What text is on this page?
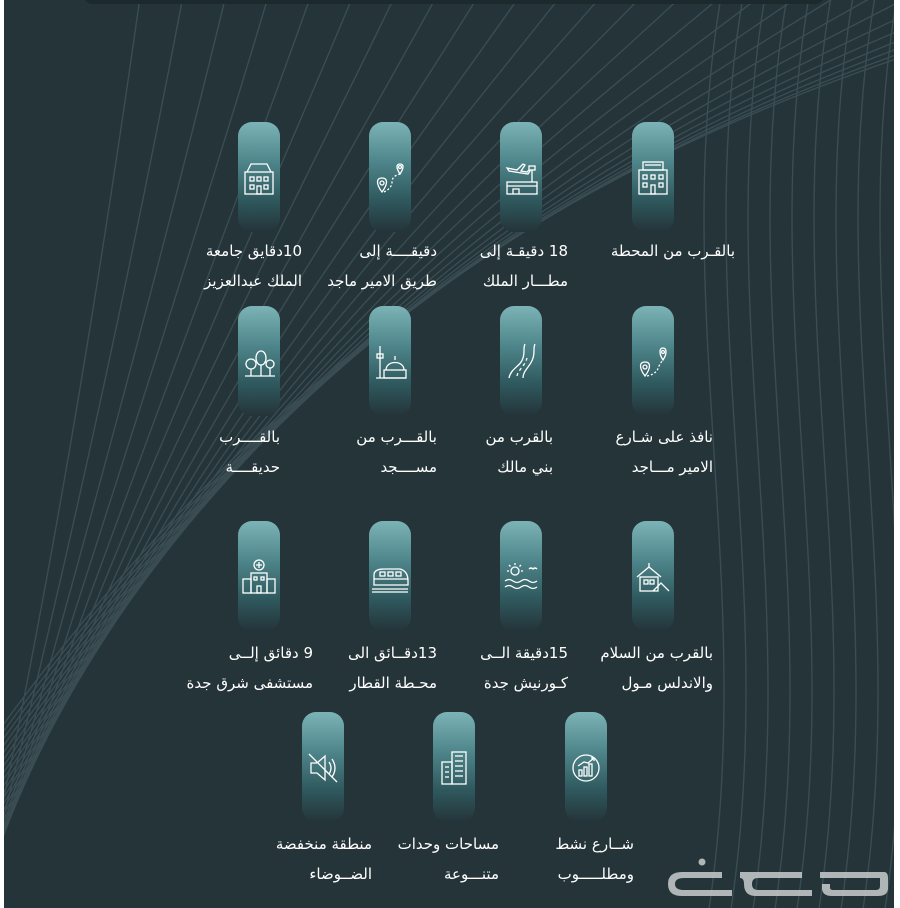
بالقـرب من المحطة
18 دقيقـة إلى
مطـــار الملك
دقيقــــة إلى
طريق الامير ماجد
10دقايق جامعة
الملك عبدالعزيز
نافذ على شـارع
الامير مـــاجد
بالقرب من
بني مالك
بالقـــرب من
مســــجد
بالقــــرب
حديقــــة
بالقرب من السلام
والاندلس مـول
15دقيقة الــى
كـورنيش جدة
13دقــائق الى
محـطة القطار
9 دقائق إلــى
مستشفى شرق جدة
شــارع نشط
ومطلـــــوب
مساحات وحدات
متنـــوعة
منطقة منخفضة
الضــوضاء
